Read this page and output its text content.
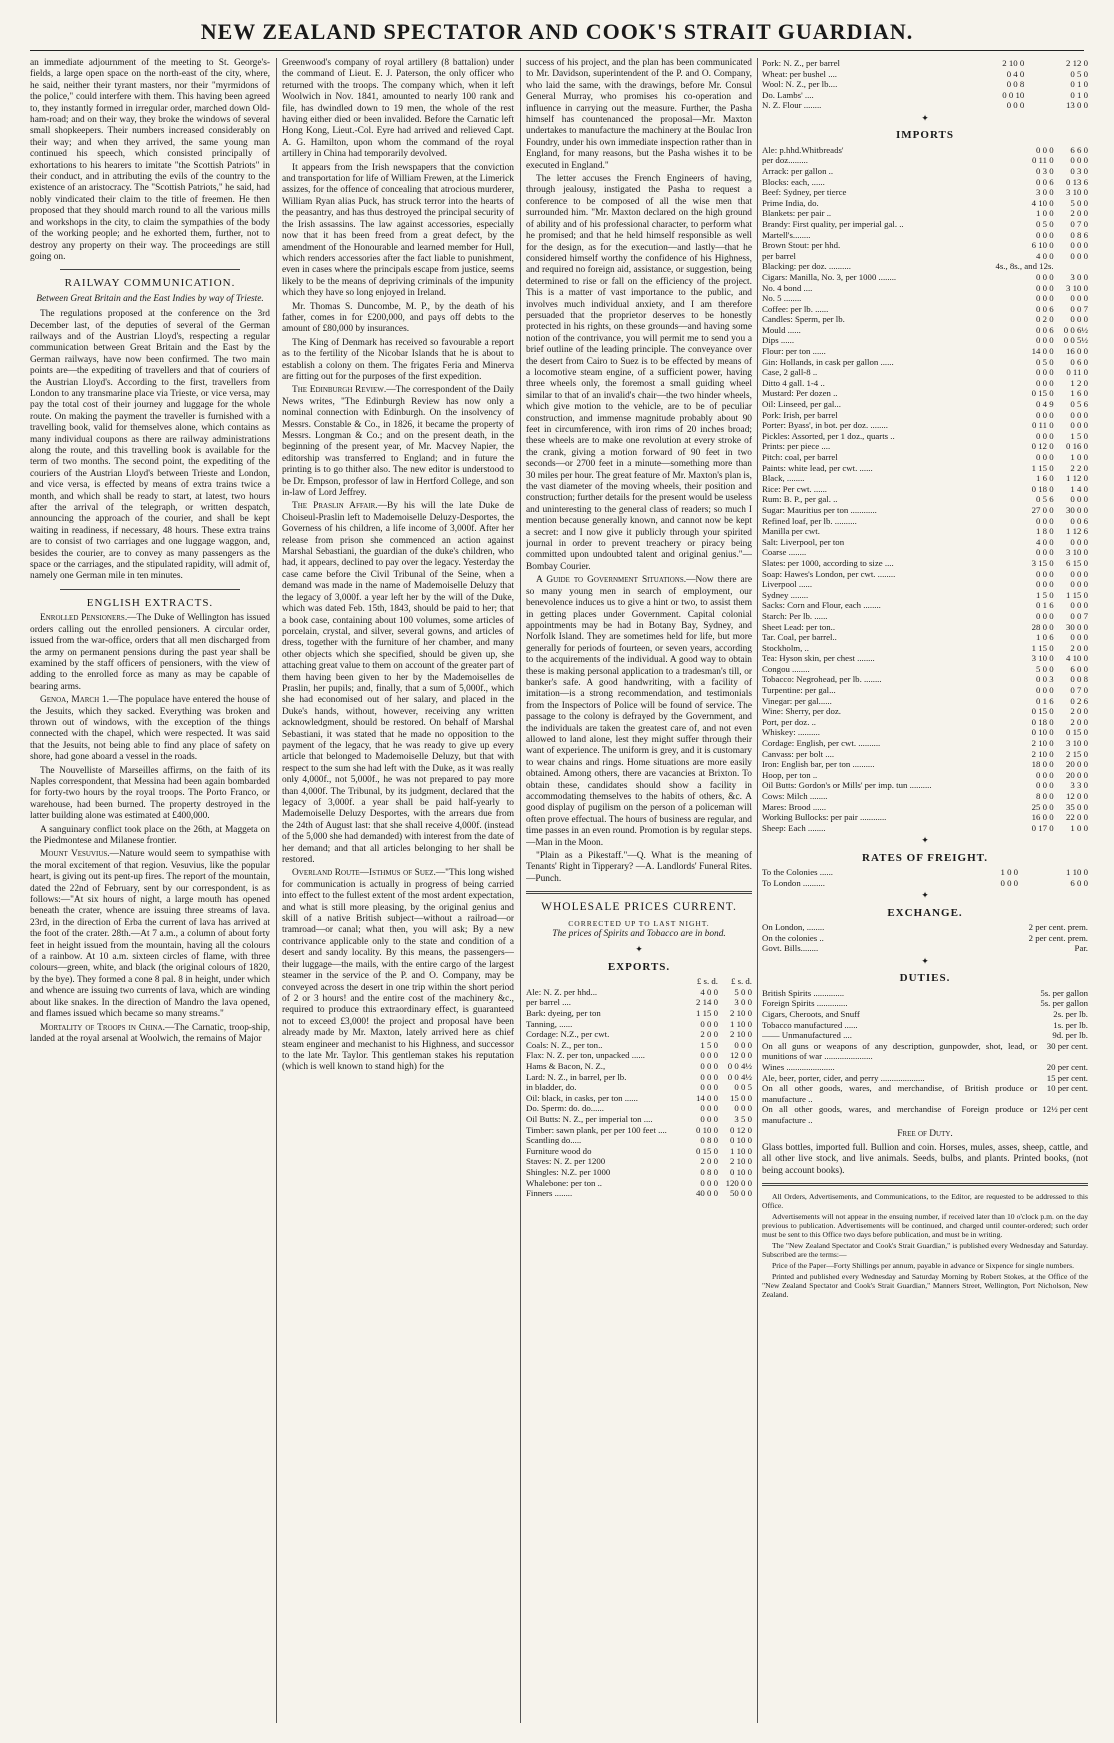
NEW ZEALAND SPECTATOR AND COOK'S STRAIT GUARDIAN.

an immediate adjournment of the meeting to St. George's-fields, a large open space on the north-east of the city, where, he said, neither their tyrant masters, nor their "myrmidons of the police," could interfere with them. This having been agreed to, they instantly formed in irregular order, marched down Old-ham-road; and on their way, they broke the windows of several small shopkeepers. Their numbers increased considerably on their way; and when they arrived, the same young man continued his speech, which consisted principally of exhortations to his hearers to imitate "the Scottish Patriots" in their conduct, and in attributing the evils of the country to the existence of an aristocracy. The "Scottish Patriots," he said, had nobly vindicated their claim to the title of freemen. He then proposed that they should march round to all the various mills and workshops in the city, to claim the sympathies of the body of the working people; and he exhorted them, further, not to destroy any property on their way. The proceedings are still going on.

RAILWAY COMMUNICATION.
Between Great Britain and the East Indies by way of Trieste.

The regulations proposed at the conference on the 3rd December last, of the deputies of several of the German railways and of the Austrian Lloyd's, respecting a regular communication between Great Britain and the East by the German railways, have now been confirmed. The two main points are—the expediting of travellers and that of couriers of the Austrian Lloyd's. According to the first, travellers from London to any transmarine place via Trieste, or vice versa, may pay the total cost of their journey and luggage for the whole route. On making the payment the traveller is furnished with a travelling book, valid for themselves alone, which contains as many individual coupons as there are railway administrations along the route, and this travelling book is available for the term of two months. The second point, the expediting of the couriers of the Austrian Lloyd's between Trieste and London, and vice versa, is effected by means of extra trains twice a month, and which shall be ready to start, at latest, two hours after the arrival of the telegraph, or written despatch, announcing the approach of the courier, and shall be kept waiting in readiness, if necessary, 48 hours. These extra trains are to consist of two carriages and one luggage waggon, and, besides the courier, are to convey as many passengers as the space or the carriages, and the stipulated rapidity, will admit of, namely one German mile in ten minutes.

ENGLISH EXTRACTS.

Enrolled Pensioners.—The Duke of Wellington has issued orders calling out the enrolled pensioners. A circular order, issued from the war-office, orders that all men discharged from the army on permanent pensions during the past year shall be examined by the staff officers of pensioners, with the view of adding to the enrolled force as many as may be capable of bearing arms.

Genoa, March 1.—The populace have entered the house of the Jesuits, which they sacked. Everything was broken and thrown out of windows, with the exception of the things connected with the chapel, which were respected. It was said that the Jesuits, not being able to find any place of safety on shore, had gone aboard a vessel in the roads.

The Nouvelliste of Marseilles affirms, on the faith of its Naples correspondent, that Messina had been again bombarded for forty-two hours by the royal troops. The Porto Franco, or warehouse, had been burned. The property destroyed in the latter building alone was estimated at £400,000.

A sanguinary conflict took place on the 26th, at Maggeta on the Piedmontese and Milanese frontier.

Mount Vesuvius.—Nature would seem to sympathise with the moral excitement of that region. Vesuvius, like the popular heart, is giving out its pent-up fires. The report of the mountain, dated the 22nd of February, sent by our correspondent, is as follows:—"At six hours of night, a large mouth has opened beneath the crater, whence are issuing three streams of lava. 23rd, in the direction of Erba the current of lava has arrived at the foot of the crater. 28th.—At 7 a.m., a column of about forty feet in height issued from the mountain, having all the colours of a rainbow. At 10 a.m. sixteen circles of flame, with three colours—green, white, and black (the original colours of 1820, by the bye). They formed a cone 8 pal. 8 in height, under which and whence are issuing two currents of lava, which are winding about like snakes. In the direction of Mandro the lava opened, and flames issued which became so many streams."

Mortality of Troops in China.—The Carnatic, troop-ship, landed at the royal arsenal at Woolwich, the remains of Major

Greenwood's company of royal artillery (8 battalion) under the command of Lieut. E. J. Paterson, the only officer who returned with the troops. The company which, when it left Woolwich in Nov. 1841, amounted to nearly 100 rank and file, has dwindled down to 19 men, the whole of the rest having either died or been invalided. Before the Carnatic left Hong Kong, Lieut.-Col. Eyre had arrived and relieved Capt. A. G. Hamilton, upon whom the command of the royal artillery in China had temporarily devolved.

It appears from the Irish newspapers that the conviction and transportation for life of William Frewen, at the Limerick assizes, for the offence of concealing that atrocious murderer, William Ryan alias Puck, has struck terror into the hearts of the peasantry, and has thus destroyed the principal security of the Irish assassins. The law against accessories, especially now that it has been freed from a great defect, by the amendment of the Honourable and learned member for Hull, which renders accessories after the fact liable to punishment, even in cases where the principals escape from justice, seems likely to be the means of depriving criminals of the impunity which they have so long enjoyed in Ireland.

Mr. Thomas S. Duncombe, M. P., by the death of his father, comes in for £200,000, and pays off debts to the amount of £80,000 by insurances.

The King of Denmark has received so favourable a report as to the fertility of the Nicobar Islands that he is about to establish a colony on them. The frigates Feria and Minerva are fitting out for the purposes of the first expedition.

The Edinburgh Review.—The correspondent of the Daily News writes, "The Edinburgh Review has now only a nominal connection with Edinburgh. On the insolvency of Messrs. Constable & Co., in 1826, it became the property of Messrs. Longman & Co.; and on the present death, in the beginning of the present year, of Mr. Macvey Napier, the editorship was transferred to England; and in future the printing is to go thither also. The new editor is understood to be Dr. Empson, professor of law in Hertford College, and son in-law of Lord Jeffrey.

The Praslin Affair.—By his will the late Duke de Choiseul-Praslin left to Mademoiselle Deluzy-Desportes, the Governess of his children, a life income of 3,000f. After her release from prison she commenced an action against Marshal Sebastiani, the guardian of the duke's children, who had, it appears, declined to pay over the legacy. Yesterday the case came before the Civil Tribunal of the Seine, when a demand was made in the name of Mademoiselle Deluzy that the legacy of 3,000f. a year left her by the will of the Duke, which was dated Feb. 15th, 1843, should be paid to her; that a book case, containing about 100 volumes, some articles of porcelain, crystal, and silver, several gowns, and articles of dress, together with the furniture of her chamber, and many other objects which she specified, should be given up, she attaching great value to them on account of the greater part of them having been given to her by the Mademoiselles de Praslin, her pupils; and, finally, that a sum of 5,000f., which she had economised out of her salary, and placed in the Duke's hands, without, however, receiving any written acknowledgment, should be restored. On behalf of Marshal Sebastiani, it was stated that he made no opposition to the payment of the legacy, that he was ready to give up every article that belonged to Mademoiselle Deluzy, but that with respect to the sum she had left with the Duke, as it was really only 4,000f., not 5,000f., he was not prepared to pay more than 4,000f. The Tribunal, by its judgment, declared that the legacy of 3,000f. a year shall be paid half-yearly to Mademoiselle Deluzy Desportes, with the arrears due from the 24th of August last: that she shall receive 4,000f. (instead of the 5,000 she had demanded) with interest from the date of her demand; and that all articles belonging to her shall be restored.

Overland Route—Isthmus of Suez.—"This long wished for communication is actually in progress of being carried into effect to the fullest extent of the most ardent expectation, and what is still more pleasing, by the original genius and skill of a native British subject—without a railroad—or tramroad—or canal; what then, you will ask; By a new contrivance applicable only to the state and condition of a desert and sandy locality. By this means, the passengers—their luggage—the mails, with the entire cargo of the largest steamer in the service of the P. and O. Company, may be conveyed across the desert in one trip within the short period of 2 or 3 hours! and the entire cost of the machinery &c., required to produce this extraordinary effect, is guaranteed not to exceed £3,000! the project and proposal have been already made by Mr. Maxton, lately arrived here as chief steam engineer and mechanist to his Highness, and successor to the late Mr. Taylor. This gentleman stakes his reputation (which is well known to stand high) for the

success of his project, and the plan has been communicated to Mr. Davidson, superintendent of the P. and O. Company, who laid the same, with the drawings, before Mr. Consul General Murray, who promises his co-operation and influence in carrying out the measure. Further, the Pasha himself has countenanced the proposal—Mr. Maxton undertakes to manufacture the machinery at the Boulac Iron Foundry, under his own immediate inspection rather than in England, for many reasons, but the Pasha wishes it to be executed in England."

The letter accuses the French Engineers of having, through jealousy, instigated the Pasha to request a conference to be composed of all the wise men that surrounded him. "Mr. Maxton declared on the high ground of ability and of his professional character, to perform what he promised; and that he held himself responsible as well for the design, as for the execution—and lastly—that he considered himself worthy the confidence of his Highness, and required no foreign aid, assistance, or suggestion, being determined to rise or fall on the efficiency of the project. This is a matter of vast importance to the public, and involves much individual anxiety, and I am therefore persuaded that the proprietor deserves to be honestly protected in his rights, on these grounds—and having some notion of the contrivance, you will permit me to send you a brief outline of the leading principle. The conveyance over the desert from Cairo to Suez is to be effected by means of a locomotive steam engine, of a sufficient power, having three wheels only, the foremost a small guiding wheel similar to that of an invalid's chair—the two hinder wheels, which give motion to the vehicle, are to be of peculiar construction, and immense magnitude probably about 90 feet in circumference, with iron rims of 20 inches broad; these wheels are to make one revolution at every stroke of the crank, giving a motion forward of 90 feet in two seconds—or 2700 feet in a minute—something more than 30 miles per hour. The great feature of Mr. Maxton's plan is, the vast diameter of the moving wheels, their position and construction; further details for the present would be useless and uninteresting to the general class of readers; so much I mention because generally known, and cannot now be kept a secret: and I now give it publicly through your spirited journal in order to prevent treachery or piracy being committed upon undoubted talent and original genius."—Bombay Courier.

A Guide to Government Situations.—Now there are so many young men in search of employment, our benevolence induces us to give a hint or two, to assist them in getting places under Government. Capital colonial appointments may be had in Botany Bay, Sydney, and Norfolk Island. They are sometimes held for life, but more generally for periods of fourteen, or seven years, according to the acquirements of the individual. A good way to obtain these is making personal application to a tradesman's till, or banker's safe. A good handwriting, with a facility of imitation—is a strong recommendation, and testimonials from the Inspectors of Police will be found of service. The passage to the colony is defrayed by the Government, and the individuals are taken the greatest care of, and not even allowed to land alone, lest they might suffer through their want of experience. The uniform is grey, and it is customary to wear chains and rings. Home situations are more easily obtained. Among others, there are vacancies at Brixton. To obtain these, candidates should show a facility in accommodating themselves to the habits of others, &c. A good display of pugilism on the person of a policeman will often prove effectual. The hours of business are regular, and time passes in an even round. Promotion is by regular steps.—Man in the Moon.

"Plain as a Pikestaff."—Q. What is the meaning of Tenants' Right in Tipperary? —A. Landlords' Funeral Rites.—Punch.

WHOLESALE PRICES CURRENT.
CORRECTED UP TO LAST NIGHT.
The prices of Spirits and Tobacco are in bond.
✦
EXPORTS.
	£ s. d.	£ s. d.
Ale: N. Z. per hhd...	4 0 0	5 0 0
per barrel ....	2 14 0	3 0 0
Bark: dyeing, per ton	1 15 0	2 10 0
Tanning, ......	0 0 0	1 10 0
Cordage: N.Z., per cwt.	2 0 0	2 10 0
Coals: N. Z., per ton..	1 5 0	0 0 0
Flax: N. Z. per ton, unpacked ......	0 0 0	12 0 0
Hams & Bacon, N. Z.,	0 0 0	0 0 4½
Lard: N. Z., in barrel, per lb.	0 0 0	0 0 4½
in bladder, do.	0 0 0	0 0 5
Oil: black, in casks, per ton ......	14 0 0	15 0 0
Do. Sperm: do. do......	0 0 0	0 0 0
Oil Butts: N. Z., per imperial ton ....	0 0 0	3 5 0
Timber: sawn plank, per per 100 feet ....	0 10 0	0 12 0
Scantling do.....	0 8 0	0 10 0
Furniture wood do	0 15 0	1 10 0
Staves: N. Z. per 1200	2 0 0	2 10 0
Shingles: N.Z. per 1000	0 8 0	0 10 0
Whalebone: per ton ..	0 0 0	120 0 0
Finners ........	40 0 0	50 0 0
Pork: N. Z., per barrel	2 10 0	2 12 0
Wheat: per bushel ....	0 4 0	0 5 0
Wool: N. Z., per lb....	0 0 8	0 1 0
Do. Lambs' ....	0 0 10	0 1 0
N. Z. Flour ........	0 0 0	13 0 0
✦
IMPORTS
Ale: p.hhd.Whitbreads'	0 0 0	6 6 0
per doz.........	0 11 0	0 0 0
Arrack: per gallon ..	0 3 0	0 3 0
Blocks: each, ......	0 0 6	0 13 6
Beef: Sydney, per tierce	3 0 0	3 10 0
Prime India, do.	4 10 0	5 0 0
Blankets: per pair ..	1 0 0	2 0 0
Brandy: First quality, per imperial gal. ..	0 5 0	0 7 0
Martell's........	0 0 0	0 8 6
Brown Stout: per hhd.	6 10 0	0 0 0
per barrel	4 0 0	0 0 0
Blacking: per doz. ..........	4s., 8s., and 12s.	
Cigars: Manilla, No. 3, per 1000 ........	0 0 0	3 0 0
No. 4 bond ....	0 0 0	3 10 0
No. 5 ........	0 0 0	0 0 0
Coffee: per lb. ......	0 0 6	0 0 7
Candles: Sperm, per lb.	0 2 0	0 0 0
Mould ......	0 0 6	0 0 6½
Dips ......	0 0 0	0 0 5½
Flour: per ton ......	14 0 0	16 0 0
Gin: Hollands, in cask per gallon ......	0 5 0	0 6 0
Case, 2 gall-8 ..	0 0 0	0 11 0
Ditto 4 gall. 1-4 ..	0 0 0	1 2 0
Mustard: Per dozen ..	0 15 0	1 6 0
Oil: Linseed, per gal...	0 4 9	0 5 6
Pork: Irish, per barrel	0 0 0	0 0 0
Porter: Byass', in bot. per doz. ........	0 11 0	0 0 0
Pickles: Assorted, per 1 doz., quarts ..	0 0 0	1 5 0
Prints: per piece ....	0 12 0	0 16 0
Pitch: coal, per barrel	0 0 0	1 0 0
Paints: white lead, per cwt. ......	1 15 0	2 2 0
Black, ........	1 6 0	1 12 0
Rice: Per cwt. ......	0 18 0	1 4 0
Rum: B. P., per gal. ..	0 5 6	0 0 0
Sugar: Mauritius per ton ............	27 0 0	30 0 0
Refined loaf, per lb. ..........	0 0 0	0 0 6
Manilla per cwt.	1 8 0	1 12 6
Salt: Liverpool, per ton	4 0 0	0 0 0
Coarse ........	0 0 0	3 10 0
Slates: per 1000, according to size ....	3 15 0	6 15 0
Soap: Hawes's London, per cwt. ........	0 0 0	0 0 0
Liverpool ......	0 0 0	0 0 0
Sydney ........	1 5 0	1 15 0
Sacks: Corn and Flour, each ........	0 1 6	0 0 0
Starch: Per lb. ......	0 0 0	0 0 7
Sheet Lead: per ton..	28 0 0	30 0 0
Tar. Coal, per barrel..	1 0 6	0 0 0
Stockholm, ..	1 15 0	2 0 0
Tea: Hyson skin, per chest ........	3 10 0	4 10 0
Congou ........	5 0 0	6 0 0
Tobacco: Negrohead, per lb. ........	0 0 3	0 0 8
Turpentine: per gal...	0 0 0	0 7 0
Vinegar: per gal......	0 1 6	0 2 6
Wine: Sherry, per doz.	0 15 0	2 0 0
Port, per doz. ..	0 18 0	2 0 0
Whiskey: ..........	0 10 0	0 15 0
Cordage: English, per cwt. ..........	2 10 0	3 10 0
Canvass: per bolt ....	2 10 0	2 15 0
Iron: English bar, per ton ..........	18 0 0	20 0 0
Hoop, per ton ..	0 0 0	20 0 0
Oil Butts: Gordon's or Mills' per imp. tun ..........	0 0 0	3 3 0
Cows: Milch ........	8 0 0	12 0 0
Mares: Brood ......	25 0 0	35 0 0
Working Bullocks: per pair ............	16 0 0	22 0 0
Sheep: Each ........	0 17 0	1 0 0
✦
RATES OF FREIGHT.
To the Colonies ......	1 0 0	1 10 0
To London ..........	0 0 0	6 0 0
✦
EXCHANGE.
On London, ........	2 per cent. prem.
On the colonies ..	2 per cent. prem.
Govt. Bills........	Par.
✦
DUTIES.
British Spirits ..............	5s. per gallon
Foreign Spirits ..............	5s. per gallon
Cigars, Cheroots, and Snuff	2s. per lb.
Tobacco manufactured ......	1s. per lb.
—— Unmanufactured ....	9d. per lb.
On all guns or weapons of any description, gunpowder, shot, lead, or munitions of war ......................	30 per cent.
Wines ......................	20 per cent.
Ale, beer, porter, cider, and perry ....................	15 per cent.
On all other goods, wares, and merchandise, of British produce or manufacture ..	10 per cent.
On all other goods, wares, and merchandise of Foreign produce or manufacture ..	12½ per cent
Free of Duty.

Glass bottles, imported full. Bullion and coin. Horses, mules, asses, sheep, cattle, and all other live stock, and live animals. Seeds, bulbs, and plants. Printed books, (not being account books).

All Orders, Advertisements, and Communications, to the Editor, are requested to be addressed to this Office.

Advertisements will not appear in the ensuing number, if received later than 10 o'clock p.m. on the day previous to publication. Advertisements will be continued, and charged until counter-ordered; such order must be sent to this Office two days before publication, and must be in writing.

The "New Zealand Spectator and Cook's Strait Guardian," is published every Wednesday and Saturday. Subscribed are the terms:—

Price of the Paper—Forty Shillings per annum, payable in advance or Sixpence for single numbers.

Printed and published every Wednesday and Saturday Morning by Robert Stokes, at the Office of the "New Zealand Spectator and Cook's Strait Guardian," Manners Street, Wellington, Port Nicholson, New Zealand.
